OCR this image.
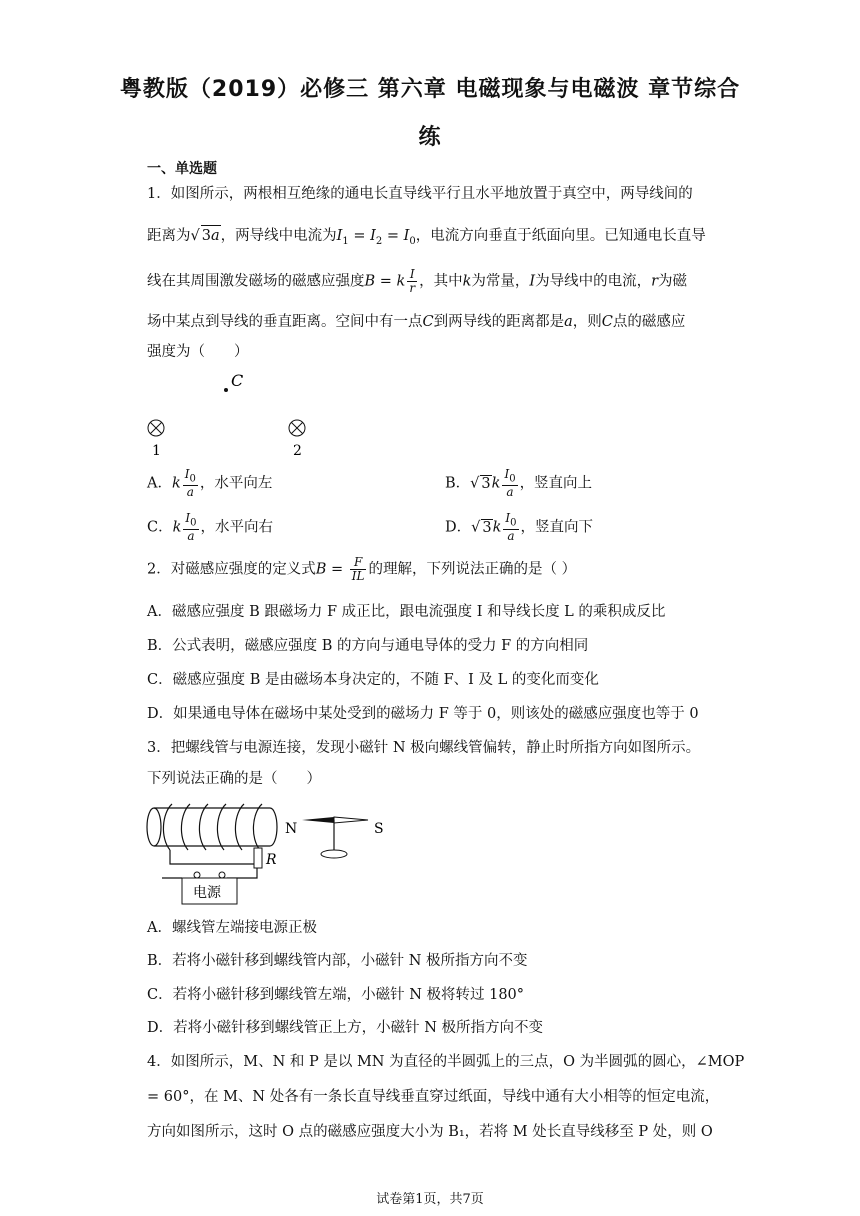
粤教版（2019）必修三 第六章 电磁现象与电磁波 章节综合
练
一、单选题
1．如图所示，两根相互绝缘的通电长直导线平行且水平地放置于真空中，两导线间的
距离为√ 3a，两导线中电流为$I_1 = I_2 = I_0$，电流方向垂直于纸面向里。已知通电长直导
线在其周围激发磁场的磁感应强度B = k $\frac{I}{r}$ ，其中k为常量，I为导线中的电流，r为磁
场中某点到导线的垂直距离。空间中有一点C到两导线的距离都是a，则C点的磁感应
强度为（　　）
C
1	2
A．k $\frac{I_0}{a}$ ，水平向左	B．√ $3k \frac{I_0}{a}$ ，竖直向上
C．k $\frac{I_0}{a}$ ，水平向右	D．√ $3k \frac{I_0}{a}$ ，竖直向下
2．对磁感应强度的定义式$B = \frac{F}{IL}$ 的理解，下列说法正确的是（ ）
A．磁感应强度 B 跟磁场力 F 成正比，跟电流强度 I 和导线长度 L 的乘积成反比
B．公式表明，磁感应强度 B 的方向与通电导体的受力 F 的方向相同
C．磁感应强度 B 是由磁场本身决定的，不随 F、I 及 L 的变化而变化
D．如果通电导体在磁场中某处受到的磁场力 F 等于 0，则该处的磁感应强度也等于 0
3．把螺线管与电源连接，发现小磁针 N 极向螺线管偏转，静止时所指方向如图所示。
下列说法正确的是（　　）
R
电源
N	S
A．螺线管左端接电源正极
B．若将小磁针移到螺线管内部，小磁针 N 极所指方向不变
C．若将小磁针移到螺线管左端，小磁针 N 极将转过 180°
D．若将小磁针移到螺线管正上方，小磁针 N 极所指方向不变
4．如图所示，M、N 和 P 是以 MN 为直径的半圆弧上的三点，O 为半圆弧的圆心，∠MOP
= 60°，在 M、N 处各有一条长直导线垂直穿过纸面，导线中通有大小相等的恒定电流，
方向如图所示，这时 O 点的磁感应强度大小为 B₁，若将 M 处长直导线移至 P 处，则 O
试卷第1页，共7页
